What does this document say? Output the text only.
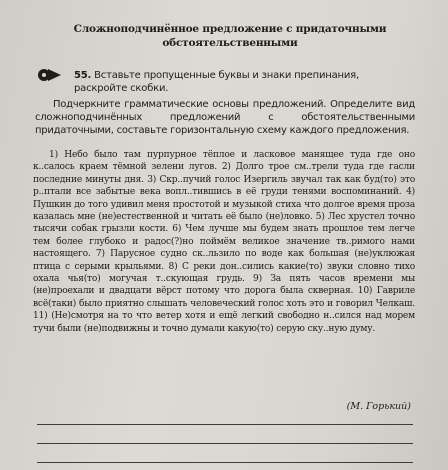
Сложноподчинённое предложение с придаточными
обстоятельственными
55. Вставьте пропущенные буквы и знаки препинания, раскройте скобки.
Подчеркните грамматические основы предложений. Определите вид сложноподчинённых предложений с обстоятельственными придаточными, составьте горизонтальную схему каждого предложения.

1) Небо было там пурпурное тёплое и ласковое манящее туда где оно к..салось краем тёмной зелени лугов. 2) Долго трое см..трели туда где гасли последние минуты дня. 3) Скр..пучий голос Изергиль звучал так как буд(то) это р..птали все забытые века вопл..тившись в её груди тенями воспоминаний. 4) Пушкин до того удивил меня простотой и музыкой стиха что долгое время проза казалась мне (не)естественной и читать её было (не)ловко. 5) Лес хрустел точно тысячи собак грызли кости. 6) Чем лучше мы будем знать прошлое тем легче тем более глубоко и радос(?)но поймём великое значение тв..римого нами настоящего. 7) Парусное судно ск..льзило по воде как большая (не)уклюжая птица с серыми крыльями. 8) С реки дон..сились какие(то) звуки словно тихо охала чья(то) могучая т..скующая грудь. 9) За пять часов времени мы (не)проехали и двадцати вёрст потому что дорога была скверная. 10) Гавриле всё(таки) было приятно слышать человеческий голос хоть это и говорил Челкаш. 11) (Не)смотря на то что ветер хотя и ещё легкий свободно н..сился над морем тучи были (не)подвижны и точно думали какую(то) серую ску..ную думу.

(М. Горький)
